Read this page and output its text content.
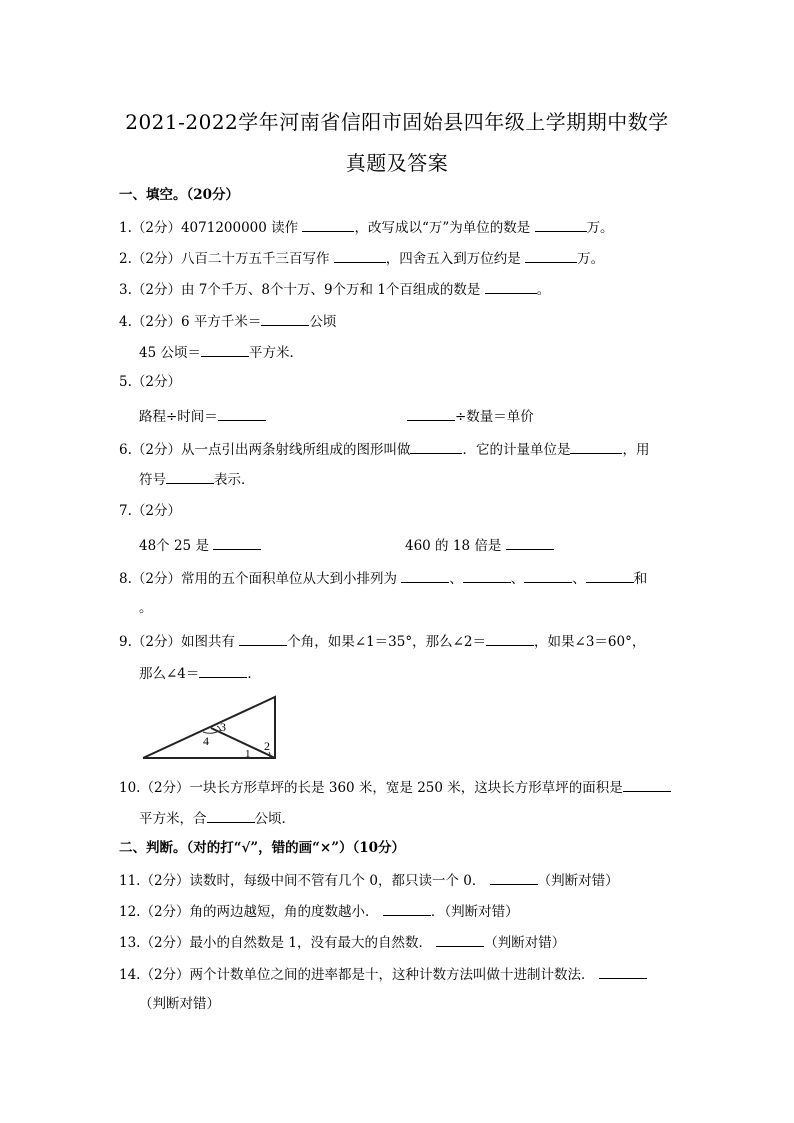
2021-2022学年河南省信阳市固始县四年级上学期期中数学
真题及答案
一、填空。（20分）
1.（2分）4071200000 读作	，改写成以“万”为单位的数是	万。
2.（2分）八百二十万五千三百写作	，四舍五入到万位约是	万。
3.（2分）由 7个千万、8个十万、9个万和 1个百组成的数是	。
4.（2分）6 平方千米＝	公顷
45 公顷＝	平方米．
5.（2分）
路程÷时间＝	÷数量＝单价
6.（2分）从一点引出两条射线所组成的图形叫做	．它的计量单位是	，用
符号	表示．
7.（2分）
48个 25 是	460 的 18 倍是
8.（2分）常用的五个面积单位从大到小排列为	、	、	、	和
。
9.（2分）如图共有	个角，如果∠1＝35°，那么∠2＝	，如果∠3＝60°，
那么∠4＝	．
3
4	2
1
10.（2分）一块长方形草坪的长是 360 米，宽是 250 米，这块长方形草坪的面积是
平方米，合	公顷．
二、判断。（对的打“√”，错的画“×”）（10分）
11.（2分）读数时，每级中间不管有几个 0，都只读一个 0．	（判断对错）
12.（2分）角的两边越短，角的度数越小．	．（判断对错）
13.（2分）最小的自然数是 1，没有最大的自然数．	（判断对错）
14.（2分）两个计数单位之间的进率都是十，这种计数方法叫做十进制计数法．
（判断对错）
